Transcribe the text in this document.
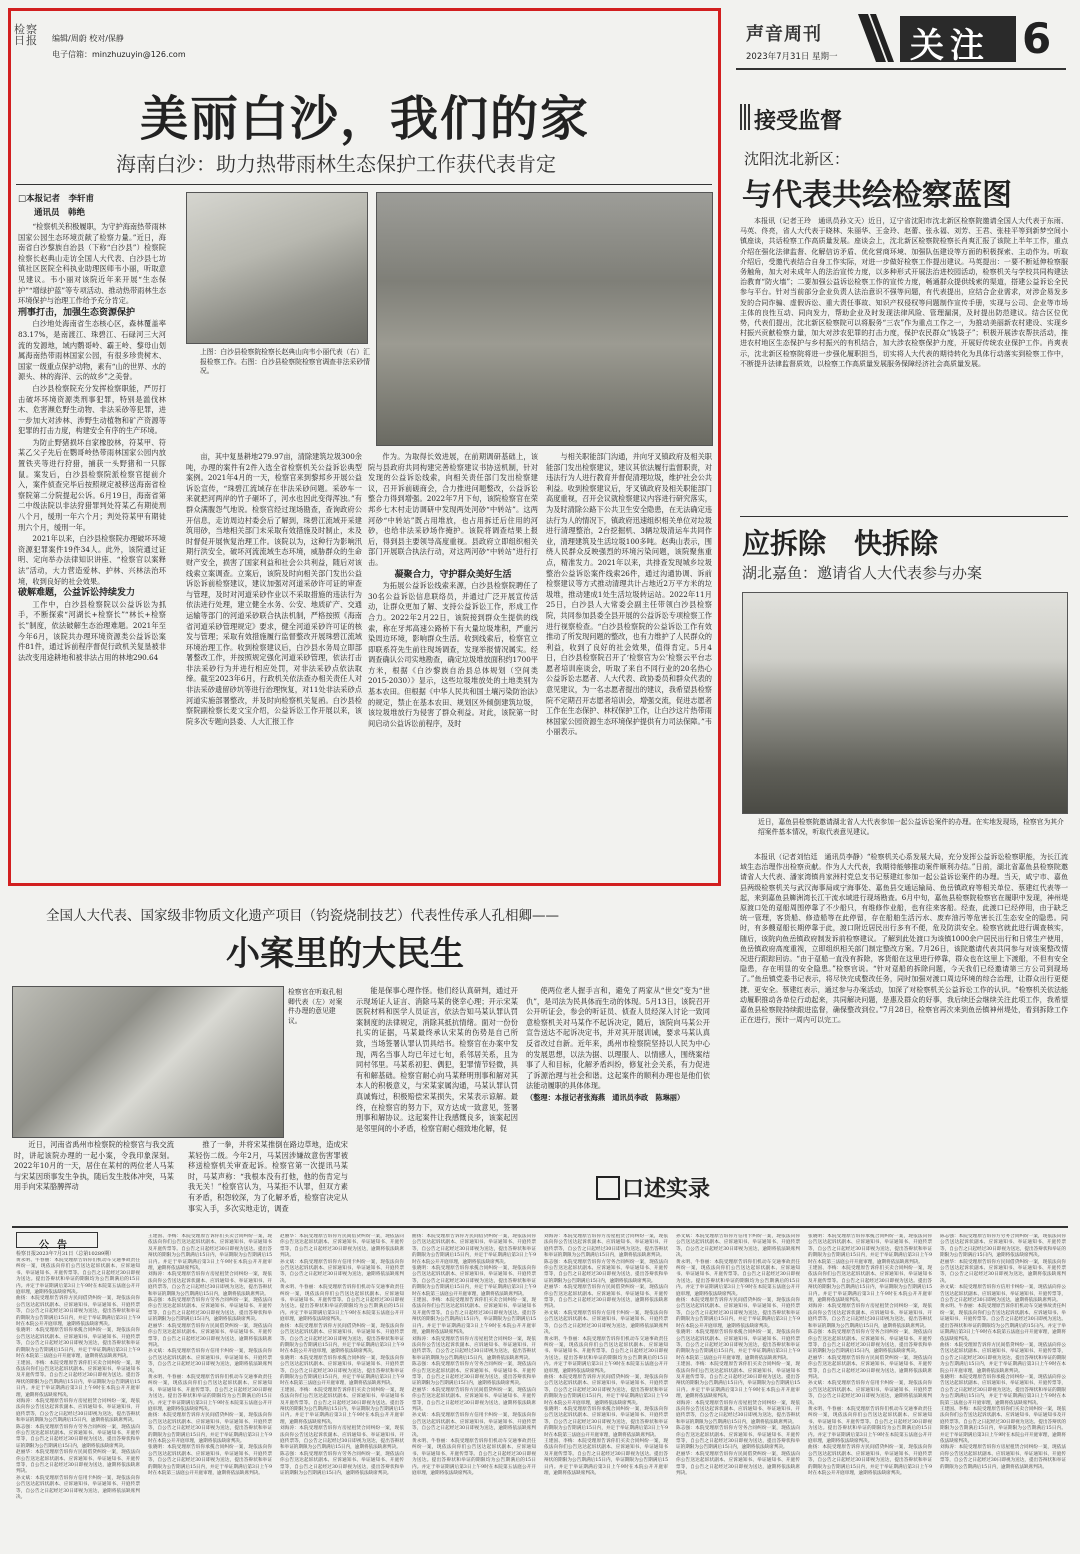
检察日报 编辑/周蔚 校对/保静
电子信箱：minzhuzuyin@126.com
声音周刊
2023年7月31日 星期一 关注 6
美丽白沙，我们的家
海南白沙：助力热带雨林生态保护工作获代表肯定
□本报记者　李轩甫
通讯员　韩绝

“检察机关积极履职，为守护海南热带雨林国家公园生态环境贡献了检察力量。”近日，海南省白沙黎族自治县（下称“白沙县”）检察院检察长赵典山走访全国人大代表、白沙县七坊镇社区医院全科执业助理医师韦小丽，听取意见建议。韦小丽对该院近年来开展“生态保护”“增绿护蓝”等专项活动、推动热带雨林生态环境保护与治理工作给予充分肯定。

刑事打击，加强生态资源保护

白沙地处海南省生态核心区，森林覆盖率83.17%，是南渡江、珠碧江、石碌河三大河流的发源地，域内鹦哥岭、霸王岭、黎母山划属海南热带雨林国家公园，有很多珍贵树木、国家一级重点保护动物，素有“山的世界、水的源头、林的海洋、云的故乡”之美誉。

白沙县检察院充分发挥检察职能，严厉打击破坏环境资源类刑事犯罪，特别是滥伐林木、危害濒危野生动物、非法采砂等犯罪，进一步加大对涉林、涉野生动植物和矿产资源等犯罪的打击力度，构建安全有序的生产环境。

为防止野猪损坏自家橡胶林，符某甲、符某乙父子先后在鹦哥岭热带雨林国家公园内放置铁夹等进行狩猎，捕获一头野猪和一只豚鼠。案发后，白沙县检察院派检察官提前介入，案件侦查完毕后按照规定被移送海南省检察院第二分院提起公诉。6月19日，海南省第二中级法院以非法狩猎罪判处符某乙有期徒刑八个月，缓刑一年六个月；判处符某甲有期徒刑六个月，缓刑一年。

2021年以来，白沙县检察院办理破坏环境资源犯罪案件19件34人。此外，该院通过证明、定向举办法律知识讲座、“检察官以案释法”活动，大力营造爱林、护林、兴林法治环境，收到良好的社会效果。

破解难题，公益诉讼持续发力

工作中，白沙县检察院以公益诉讼为抓手，不断探索“河湖长+检察长”“林长+检察长”制度，依法破解生态治理难题。2021年至今年6月，该院共办理环境资源类公益诉讼案件81件，通过诉前程序督促行政机关复垦被非法改变用途耕地和被非法占用的林地290.64

上图：白沙县检察院检察长赵典山向韦小丽代表（右）汇报检察工作。右图：白沙县检察院检察官调查非法采砂情况。

亩，其中复垦耕地279.97亩，清除建筑垃圾300余吨，办理的案件有2件入选全省检察机关公益诉讼典型案例。2021年4月的一天，检察官来到黎邦乡开展公益诉讼宣传，“珠碧江流域存在非法采砂问题。采砂车一来就把河两岸的竹子砸坏了，河水也因此变得浑浊。”有群众满腹怨气地说。检察官经过现场勘查，查询政府公开信息，走访周边村委会后了解到，珠碧江流域开采建筑用砂，当地相关部门未采取有效措施及时制止，未及时督促开展恢复治理工作。该院以为，这种行为影响汛期行洪安全，破坏河流流域生态环境，威胁群众的生命财产安全，损害了国家利益和社会公共利益，随后对该线索立案调查。立案后，该院及时向相关部门发出公益诉讼诉前检察建议，建议加强对河道采砂许可证的审查与管理，及时对河道采砂作业以不采取措施的违法行为依法进行处理，建立健全水务、公安、地质矿产、交通运输等部门的河道采砂联合执法机制，严格按照《海南省河道采砂管理规定》要求，健全河道采砂许可证的核发与管理；采取有效措施履行监督整改开展珠碧江流域环境治理工作。收到检察建议后，白沙县水务局立即部署整改工作，并按照规定强化河道采砂管理，依法打击非法采砂行为并进行相应处罚，对非法采砂点依法取缔。截至2023年6月，行政机关依法查办相关责任人对非法采砂遗留砂坑等进行治理恢复，对11处非法采砂点河道实施部署整改，并及时向检察机关复函。白沙县检察院副检察长麦文宝介绍，公益诉讼工作开展以来，该院多次专题向县委、人大汇报工作

作为。为取得长效进展，在前期调研基础上，该院与县政府共同构建完善检察建议书协送机制，针对发现的公益诉讼线索，向相关责任部门发出检察建议，召开诉前磋商会，合力推进问题整改，公益诉讼整合力得到增强。2022年7月下旬，该院检察官在荣邦乡七木村走访调研中发现两处河砂“中转站”。这两河砂“中转站”既占用堆放，也占用拆迁后住用的河砂，也给非法采砂场作掩护。该院将调查结果上报后，得到县主要领导高度重视。县政府立即组织相关部门开展联合执法行动，对这两河砂“中转站”进行打击。

凝聚合力，守护群众美好生活

为拓展公益诉讼线索来源，白沙县检察院聘任了30名公益诉讼信息联络员，并通过广泛开展宣传活动，让群众更加了解、支持公益诉讼工作，形成工作合力。2022年2月22日，该院接到群众生提供的线索，称在牙邦高速公路桥下有大量垃圾堆积，严重污染周边环境，影响群众生活。收到线索后，检察官立即联系符先生前往现场调查，发现举报情况属实。经调查确认公司实地勘查，确定垃圾堆放面积约1700平方米，根据《白沙黎族自治县总体规划（空间类2015-2030）》显示，这些垃圾堆放处的土地类别为基本农田。但根据《中华人民共和国土壤污染防治法》的规定，禁止在基本农田、规划区外倾倒建筑垃圾，该垃圾堆放行为侵害了群众利益。对此，该院第一时间启动公益诉讼前程序，及时

与相关职能部门沟通，并向牙叉镇政府及相关职能部门发出检察建议，建议其依法履行监督职责，对违法行为人进行教育并督促清理垃圾，维护社会公共利益。收到检察建议后，牙叉镇政府及相关职能部门高度重视，召开会议就检察建议内容进行研究落实，为及时清除公路下公共卫生安全隐患，在无法确定违法行为人的情况下，镇政府迅速组织相关单位对垃圾进行清理整治，2台挖掘机、3辆垃圾清运车共同作业，清理建筑及生活垃圾100多吨。赵典山表示，围绕人民群众反映强烈的环境污染问题，该院聚焦重点，精准发力。2021年以来，共排查发现城乡垃圾整治公益诉讼案件线索26件，通过沟通协调、诉前检察建议等方式推动清理共计占地近2万平方米的垃圾堆，推动建成1处生活垃圾转运站。2022年11月25日，白沙县人大常委会副主任带领白沙县检察院，共同参加县委全县开展的公益诉讼专项检察工作进行视察检查。“白沙县检察院的公益诉讼工作有效推动了所发现问题的整改，也有力维护了人民群众的利益，收到了良好的社会效果，值得肯定。5月4日，白沙县检察院召开了‘检察官为公’检察云平台志愿者培训座谈会，听取了来自不同行业的20名热心公益诉讼志愿者、人大代表、政协委员和群众代表的意见建议，为一名志愿者提出的建议，我希望县检察院不定期召开志愿者培训会，增强交流，促进志愿者工作在生态保护、林权保护工作，让白沙这片热带雨林国家公园资源生态环境保护提供有力司法保障。”韦小丽表示。

接受监督
沈阳沈北新区：
与代表共绘检察蓝图

本报讯（记者王玲　通讯员孙文天）近日，辽宁省沈阳市沈北新区检察院邀请全国人大代表于东雨、马英、佟亮，省人大代表于晓林、朱丽华、王金玲、赵蕾、张永福、刘芳、王君、张桂平等到新梦空间小镇座谈，共话检察工作高质量发展。座谈会上，沈北新区检察院检察长肖爽汇报了该院上半年工作，重点介绍在强化法律监督、化解信访矛盾、优化营商环境、加强队伍建设等方面的积极探索、主动作为。听取介绍后，受邀代表结合自身工作实际，对进一步做好检察工作提出建议。马英提出：一要不断延伸检察服务触角，加大对未成年人的法治宣传力度，以多种形式开展法治进校园活动，检察机关与学校共同构建法治教育“防火墙”；二要加强公益诉讼检察工作的宣传力度，畅通群众提供线索的渠道，搭建公益诉讼全民参与平台。针对当前部分企业负责人法治意识不强等问题，有代表提出，应结合企业需求，对涉企易发多发的合同诈骗、虚假诉讼、重大责任事故、知识产权侵权等问题制作宣传手册，实现与公司、企业等市场主体的良性互动、同向发力，帮助企业及时发现法律风险、管理漏洞，及时提出防范建议。结合区位优势，代表们提出，沈北新区检察院可以将服务“三农”作为重点工作之一，为推动美丽新农村建设、实现乡村振兴贡献检察力量，加大对涉农犯罪的打击力度，保护农民群众“钱袋子”；积极开展涉农帮扶活动，推进农村地区生态保护与乡村振兴的有机结合，加大涉农检察保护力度，开展好传统农业保护工作。肖爽表示，沈北新区检察院将进一步强化履职担当，切实将人大代表的期待转化为具体行动落实到检察工作中，不断提升法律监督质效，以检察工作高质量发展服务保障经济社会高质量发展。

应拆除　快拆除
湖北嘉鱼：邀请省人大代表参与办案
近日，嘉鱼县检察院邀请湖北省人大代表参加一起公益诉讼案件的办理。在实地发现场，检察官为其介绍案件基本情况，听取代表意见建议。

本报讯（记者刘怡廷　通讯员李静）“检察机关心系发展大局，充分发挥公益诉讼检察职能，为长江流域生态治理作出检察贡献。作为人大代表，我期待能够推动案件顺利办结。”日前，湖北省嘉鱼县检察院邀请省人大代表、潘家湾镇肖家洲村党总支书记蔡建红参加一起公益诉讼案件的办理。当天，咸宁市、嘉鱼县两级检察机关与武汉海事局咸宁海事处、嘉鱼县交通运输局、鱼岳镇政府等相关单位、蔡建红代表等一起，来到嘉鱼县簰洲湾长江干流水域进行现场勘查。6月中旬，嘉鱼县检察院检察官在履职中发现，神州堤原渡口处的趸船周围停靠了不少船只，有维修作业船，也有往来客船。经查，此渡口已经停用，由于缺乏统一管理，客货船、修造船等在此停留，存在船舶生活污水、废弃油污等危害长江生态安全的隐患。同时，有多艘趸船长期停靠于此，渡口附近居民出行多有不便，危及防洪安全。检察官就此进行调查核实，随后，该院向鱼岳镇政府制发诉前检察建议。了解到此处渡口为该镇1000余户居民出行和日常生产使用，鱼岳镇政府高度重视，立即组织相关部门制定整改方案。7月26日，该院邀请代表共同参与对该案整改情况进行跟踪回访。“由于趸船一直没有拆除，客货船在这里进行停靠，群众也在这里上下渡船，不但有安全隐患，存在明显的安全隐患。”检察官说。“针对趸船的拆除问题，今天我们已经邀请第三方公司到现场了。”鱼岳镇党委书记表示，将尽快完成整改任务，同时加强对渡口周边环境的综合治理，让群众出行更便捷、更安全。蔡建红表示，通过参与办案活动，加深了对检察机关公益诉讼工作的认识。“检察机关依法能动履职推动各单位行动起来，共同解决问题，是惠及群众的好事，我后续还会继续关注此项工作，我希望嘉鱼县检察院持续跟进监督，确保整改到位。”7月28日，检察官再次来到鱼岳镇神州堤处，看到拆除工作正在进行，预计一周内可以完工。

全国人大代表、国家级非物质文化遗产项目（钧瓷烧制技艺）代表性传承人孔相卿——
小案里的大民生
检察官在听取孔相卿代表（左）对案件办理的意见建议。

近日，河南省禹州市检察院的检察官与我交流时，讲起该院办理的一起小案，令我印象深刻。2022年10月的一天，居住在某村的两位老人马某与宋某因琐事发生争执，随后发生肢体冲突，马某用手向宋某胳膊挥动

推了一拳，并将宋某推倒在路边草地，造成宋某轻伤二级。今年2月，马某因涉嫌故意伤害罪被移送检察机关审查起诉。检察官第一次提讯马某时，马某声称：“我根本没有打他，他的伤肯定与我无关！”检察官认为，马某拒不认罪，但双方素有矛盾，积怨较深，为了化解矛盾，检察官决定从事实入手，多次实地走访，调查

能是保事心理作怪。他们经认真研判，通过开示现场证人证言、消除马某的侥幸心理；开示宋某医院材料和医学人员证言，依法告知马某认罪认罚案制度的法律规定，消除其抵抗情绪。面对一份份扎实的证据，马某最终承认宋某的伤势是自己所致，当场签署认罪认罚具结书。检察官在办案中发现，两名当事人均已年过七旬，系邻居关系，且为同村邻里。马某系初犯、偶犯，犯罪情节轻微，具有和解基础。检察官耐心向马某释明刑事和解对其本人的积极意义，与宋某家属沟通，马某认罪认罚真诚悔过，积极赔偿宋某损失，宋某表示谅解。最终，在检察官的努力下，双方达成一致意见，签署刑事和解协议。这起案件让我感慨良多，该案起因是邻里间的小矛盾，检察官耐心细致地化解，促

使两位老人握手言和，避免了两家从“世交”变为“世仇”，是司法为民具体而生动的体现。5月13日，该院召开公开听证会，参会的听证员、侦查人员经深入讨论一致同意检察机关对马某作不起诉决定，随后，该院向马某公开宣告送达不起诉决定书，并对其开展训诫，要求马某认真反省改过自新。近年来，禹州市检察院坚持以人民为中心的发展思想，以法为据、以理服人、以情感人，围绕案结事了人和目标，化解矛盾纠纷，修复社会关系，有力促进了诉源治理与社会和谐。这起案件的顺利办理也是他们依法能动履职的具体体现。

（整理：本报记者张海燕　通讯员李政　陈琳丽）

口述实录
公告
检察日报2023年7月31日（总第10289期）

黄永明、牛春丽：本院受理原告诉你们机动车交通事故责任纠纷一案，现依法向你们公告送达起诉状副本、应诉通知书、举证通知书、开庭传票等。自公告之日起经过30日即视为送达。提出答辩状和举证的期限均为公告期满后的15日内。并定于举证期满后第3日上午9时在本院第五法庭公开开庭审理，逾期将依法缺席判决。

曲扬：本院受理原告诉你方民间借贷纠纷一案，现依法向你公告送达起诉状副本、应诉通知书、举证通知书、开庭传票等，自公告之日起经过30日即视为送达，提出答辩状和举证的期限为公告期满后15日内，并定于举证期满后第3日上午9时在本院公开开庭审理，逾期将依法缺席判决。

张晓明：本院受理原告诉你承揽合同纠纷一案，现依法向你公告送达起诉状副本、应诉通知书、举证通知书、开庭传票等，自公告之日起经过30日即视为送达，提出答辩状和举证的期限为公告期满后15日内，并定于举证期满后第3日上午9时在本院第三法庭公开开庭审理，逾期将依法缺席判决。

王建国、李梅：本院受理原告诉你们买卖合同纠纷一案，现依法向你们公告送达起诉状副本、应诉通知书、举证通知书及开庭传票等。自公告之日起经过30日即视为送达。提出答辩状的期限为公告期满后15日内，举证期限为公告期满后15日内。并定于举证期满后第3日上午9时在本院公开开庭审理，逾期将依法缺席判决。

刘海涛：本院受理原告诉你方房屋租赁合同纠纷一案，现依法向你公告送达起诉状副本、应诉通知书、举证通知书、开庭传票等，自公告之日起经过30日即视为送达，提出答辩状和举证的期限为公告期满后15日内，逾期将依法缺席判决。

陈志强：本院受理原告诉你方劳务合同纠纷一案，现依法向你公告送达起诉状副本、应诉通知书、举证通知书、开庭传票等，自公告之日起经过30日即视为送达，提出答辩状和举证的期限为公告期满后15日内，逾期将依法缺席判决。

赵丽华：本院受理原告诉你方民间借贷纠纷一案，现依法向你公告送达起诉状副本、应诉通知书、举证通知书、开庭传票等，自公告之日起经过30日即视为送达，逾期将依法缺席判决。

孙文斌：本院受理原告诉你方信用卡纠纷一案，现依法向你公告送达起诉状副本、应诉通知书、举证通知书、开庭传票等，自公告之日起经过30日即视为送达，逾期将依法缺席判决。

王建国、李梅：本院受理原告诉你们买卖合同纠纷一案，现依法向你们公告送达起诉状副本、应诉通知书、举证通知书及开庭传票等。自公告之日起经过30日即视为送达。提出答辩状的期限为公告期满后15日内，举证期限为公告期满后15日内。并定于举证期满后第3日上午9时在本院公开开庭审理，逾期将依法缺席判决。

刘海涛：本院受理原告诉你方房屋租赁合同纠纷一案，现依法向你公告送达起诉状副本、应诉通知书、举证通知书、开庭传票等，自公告之日起经过30日即视为送达，提出答辩状和举证的期限为公告期满后15日内，逾期将依法缺席判决。

陈志强：本院受理原告诉你方劳务合同纠纷一案，现依法向你公告送达起诉状副本、应诉通知书、举证通知书、开庭传票等，自公告之日起经过30日即视为送达，提出答辩状和举证的期限为公告期满后15日内，逾期将依法缺席判决。

赵丽华：本院受理原告诉你方民间借贷纠纷一案，现依法向你公告送达起诉状副本、应诉通知书、举证通知书、开庭传票等，自公告之日起经过30日即视为送达，逾期将依法缺席判决。

孙文斌：本院受理原告诉你方信用卡纠纷一案，现依法向你公告送达起诉状副本、应诉通知书、举证通知书、开庭传票等，自公告之日起经过30日即视为送达，逾期将依法缺席判决。

黄永明、牛春丽：本院受理原告诉你们机动车交通事故责任纠纷一案，现依法向你们公告送达起诉状副本、应诉通知书、举证通知书、开庭传票等。自公告之日起经过30日即视为送达。提出答辩状和举证的期限均为公告期满后的15日内。并定于举证期满后第3日上午9时在本院第五法庭公开开庭审理，逾期将依法缺席判决。

曲扬：本院受理原告诉你方民间借贷纠纷一案，现依法向你公告送达起诉状副本、应诉通知书、举证通知书、开庭传票等，自公告之日起经过30日即视为送达，提出答辩状和举证的期限为公告期满后15日内，并定于举证期满后第3日上午9时在本院公开开庭审理，逾期将依法缺席判决。

张晓明：本院受理原告诉你承揽合同纠纷一案，现依法向你公告送达起诉状副本、应诉通知书、举证通知书、开庭传票等，自公告之日起经过30日即视为送达，提出答辩状和举证的期限为公告期满后15日内，并定于举证期满后第3日上午9时在本院第三法庭公开开庭审理，逾期将依法缺席判决。

赵丽华：本院受理原告诉你方民间借贷纠纷一案，现依法向你公告送达起诉状副本、应诉通知书、举证通知书、开庭传票等，自公告之日起经过30日即视为送达，逾期将依法缺席判决。

孙文斌：本院受理原告诉你方信用卡纠纷一案，现依法向你公告送达起诉状副本、应诉通知书、举证通知书、开庭传票等，自公告之日起经过30日即视为送达，逾期将依法缺席判决。

黄永明、牛春丽：本院受理原告诉你们机动车交通事故责任纠纷一案，现依法向你们公告送达起诉状副本、应诉通知书、举证通知书、开庭传票等。自公告之日起经过30日即视为送达。提出答辩状和举证的期限均为公告期满后的15日内。并定于举证期满后第3日上午9时在本院第五法庭公开开庭审理，逾期将依法缺席判决。

曲扬：本院受理原告诉你方民间借贷纠纷一案，现依法向你公告送达起诉状副本、应诉通知书、举证通知书、开庭传票等，自公告之日起经过30日即视为送达，提出答辩状和举证的期限为公告期满后15日内，并定于举证期满后第3日上午9时在本院公开开庭审理，逾期将依法缺席判决。

张晓明：本院受理原告诉你承揽合同纠纷一案，现依法向你公告送达起诉状副本、应诉通知书、举证通知书、开庭传票等，自公告之日起经过30日即视为送达，提出答辩状和举证的期限为公告期满后15日内，并定于举证期满后第3日上午9时在本院第三法庭公开开庭审理，逾期将依法缺席判决。

王建国、李梅：本院受理原告诉你们买卖合同纠纷一案，现依法向你们公告送达起诉状副本、应诉通知书、举证通知书及开庭传票等。自公告之日起经过30日即视为送达。提出答辩状的期限为公告期满后15日内，举证期限为公告期满后15日内。并定于举证期满后第3日上午9时在本院公开开庭审理，逾期将依法缺席判决。

刘海涛：本院受理原告诉你方房屋租赁合同纠纷一案，现依法向你公告送达起诉状副本、应诉通知书、举证通知书、开庭传票等，自公告之日起经过30日即视为送达，提出答辩状和举证的期限为公告期满后15日内，逾期将依法缺席判决。

陈志强：本院受理原告诉你方劳务合同纠纷一案，现依法向你公告送达起诉状副本、应诉通知书、举证通知书、开庭传票等，自公告之日起经过30日即视为送达，提出答辩状和举证的期限为公告期满后15日内，逾期将依法缺席判决。

曲扬：本院受理原告诉你方民间借贷纠纷一案，现依法向你公告送达起诉状副本、应诉通知书、举证通知书、开庭传票等，自公告之日起经过30日即视为送达，提出答辩状和举证的期限为公告期满后15日内，并定于举证期满后第3日上午9时在本院公开开庭审理，逾期将依法缺席判决。

张晓明：本院受理原告诉你承揽合同纠纷一案，现依法向你公告送达起诉状副本、应诉通知书、举证通知书、开庭传票等，自公告之日起经过30日即视为送达，提出答辩状和举证的期限为公告期满后15日内，并定于举证期满后第3日上午9时在本院第三法庭公开开庭审理，逾期将依法缺席判决。

王建国、李梅：本院受理原告诉你们买卖合同纠纷一案，现依法向你们公告送达起诉状副本、应诉通知书、举证通知书及开庭传票等。自公告之日起经过30日即视为送达。提出答辩状的期限为公告期满后15日内，举证期限为公告期满后15日内。并定于举证期满后第3日上午9时在本院公开开庭审理，逾期将依法缺席判决。

刘海涛：本院受理原告诉你方房屋租赁合同纠纷一案，现依法向你公告送达起诉状副本、应诉通知书、举证通知书、开庭传票等，自公告之日起经过30日即视为送达，提出答辩状和举证的期限为公告期满后15日内，逾期将依法缺席判决。

陈志强：本院受理原告诉你方劳务合同纠纷一案，现依法向你公告送达起诉状副本、应诉通知书、举证通知书、开庭传票等，自公告之日起经过30日即视为送达，提出答辩状和举证的期限为公告期满后15日内，逾期将依法缺席判决。

赵丽华：本院受理原告诉你方民间借贷纠纷一案，现依法向你公告送达起诉状副本、应诉通知书、举证通知书、开庭传票等，自公告之日起经过30日即视为送达，逾期将依法缺席判决。

孙文斌：本院受理原告诉你方信用卡纠纷一案，现依法向你公告送达起诉状副本、应诉通知书、举证通知书、开庭传票等，自公告之日起经过30日即视为送达，逾期将依法缺席判决。

黄永明、牛春丽：本院受理原告诉你们机动车交通事故责任纠纷一案，现依法向你们公告送达起诉状副本、应诉通知书、举证通知书、开庭传票等。自公告之日起经过30日即视为送达。提出答辩状和举证的期限均为公告期满后的15日内。并定于举证期满后第3日上午9时在本院第五法庭公开开庭审理，逾期将依法缺席判决。

刘海涛：本院受理原告诉你方房屋租赁合同纠纷一案，现依法向你公告送达起诉状副本、应诉通知书、举证通知书、开庭传票等，自公告之日起经过30日即视为送达，提出答辩状和举证的期限为公告期满后15日内，逾期将依法缺席判决。

陈志强：本院受理原告诉你方劳务合同纠纷一案，现依法向你公告送达起诉状副本、应诉通知书、举证通知书、开庭传票等，自公告之日起经过30日即视为送达，提出答辩状和举证的期限为公告期满后15日内，逾期将依法缺席判决。

赵丽华：本院受理原告诉你方民间借贷纠纷一案，现依法向你公告送达起诉状副本、应诉通知书、举证通知书、开庭传票等，自公告之日起经过30日即视为送达，逾期将依法缺席判决。

孙文斌：本院受理原告诉你方信用卡纠纷一案，现依法向你公告送达起诉状副本、应诉通知书、举证通知书、开庭传票等，自公告之日起经过30日即视为送达，逾期将依法缺席判决。

黄永明、牛春丽：本院受理原告诉你们机动车交通事故责任纠纷一案，现依法向你们公告送达起诉状副本、应诉通知书、举证通知书、开庭传票等。自公告之日起经过30日即视为送达。提出答辩状和举证的期限均为公告期满后的15日内。并定于举证期满后第3日上午9时在本院第五法庭公开开庭审理，逾期将依法缺席判决。

曲扬：本院受理原告诉你方民间借贷纠纷一案，现依法向你公告送达起诉状副本、应诉通知书、举证通知书、开庭传票等，自公告之日起经过30日即视为送达，提出答辩状和举证的期限为公告期满后15日内，并定于举证期满后第3日上午9时在本院公开开庭审理，逾期将依法缺席判决。

张晓明：本院受理原告诉你承揽合同纠纷一案，现依法向你公告送达起诉状副本、应诉通知书、举证通知书、开庭传票等，自公告之日起经过30日即视为送达，提出答辩状和举证的期限为公告期满后15日内，并定于举证期满后第3日上午9时在本院第三法庭公开开庭审理，逾期将依法缺席判决。

王建国、李梅：本院受理原告诉你们买卖合同纠纷一案，现依法向你们公告送达起诉状副本、应诉通知书、举证通知书及开庭传票等。自公告之日起经过30日即视为送达。提出答辩状的期限为公告期满后15日内，举证期限为公告期满后15日内。并定于举证期满后第3日上午9时在本院公开开庭审理，逾期将依法缺席判决。

孙文斌：本院受理原告诉你方信用卡纠纷一案，现依法向你公告送达起诉状副本、应诉通知书、举证通知书、开庭传票等，自公告之日起经过30日即视为送达，逾期将依法缺席判决。

黄永明、牛春丽：本院受理原告诉你们机动车交通事故责任纠纷一案，现依法向你们公告送达起诉状副本、应诉通知书、举证通知书、开庭传票等。自公告之日起经过30日即视为送达。提出答辩状和举证的期限均为公告期满后的15日内。并定于举证期满后第3日上午9时在本院第五法庭公开开庭审理，逾期将依法缺席判决。

曲扬：本院受理原告诉你方民间借贷纠纷一案，现依法向你公告送达起诉状副本、应诉通知书、举证通知书、开庭传票等，自公告之日起经过30日即视为送达，提出答辩状和举证的期限为公告期满后15日内，并定于举证期满后第3日上午9时在本院公开开庭审理，逾期将依法缺席判决。

张晓明：本院受理原告诉你承揽合同纠纷一案，现依法向你公告送达起诉状副本、应诉通知书、举证通知书、开庭传票等，自公告之日起经过30日即视为送达，提出答辩状和举证的期限为公告期满后15日内，并定于举证期满后第3日上午9时在本院第三法庭公开开庭审理，逾期将依法缺席判决。

王建国、李梅：本院受理原告诉你们买卖合同纠纷一案，现依法向你们公告送达起诉状副本、应诉通知书、举证通知书及开庭传票等。自公告之日起经过30日即视为送达。提出答辩状的期限为公告期满后15日内，举证期限为公告期满后15日内。并定于举证期满后第3日上午9时在本院公开开庭审理，逾期将依法缺席判决。

刘海涛：本院受理原告诉你方房屋租赁合同纠纷一案，现依法向你公告送达起诉状副本、应诉通知书、举证通知书、开庭传票等，自公告之日起经过30日即视为送达，提出答辩状和举证的期限为公告期满后15日内，逾期将依法缺席判决。

陈志强：本院受理原告诉你方劳务合同纠纷一案，现依法向你公告送达起诉状副本、应诉通知书、举证通知书、开庭传票等，自公告之日起经过30日即视为送达，提出答辩状和举证的期限为公告期满后15日内，逾期将依法缺席判决。

赵丽华：本院受理原告诉你方民间借贷纠纷一案，现依法向你公告送达起诉状副本、应诉通知书、举证通知书、开庭传票等，自公告之日起经过30日即视为送达，逾期将依法缺席判决。

张晓明：本院受理原告诉你承揽合同纠纷一案，现依法向你公告送达起诉状副本、应诉通知书、举证通知书、开庭传票等，自公告之日起经过30日即视为送达，提出答辩状和举证的期限为公告期满后15日内，并定于举证期满后第3日上午9时在本院第三法庭公开开庭审理，逾期将依法缺席判决。

王建国、李梅：本院受理原告诉你们买卖合同纠纷一案，现依法向你们公告送达起诉状副本、应诉通知书、举证通知书及开庭传票等。自公告之日起经过30日即视为送达。提出答辩状的期限为公告期满后15日内，举证期限为公告期满后15日内。并定于举证期满后第3日上午9时在本院公开开庭审理，逾期将依法缺席判决。

刘海涛：本院受理原告诉你方房屋租赁合同纠纷一案，现依法向你公告送达起诉状副本、应诉通知书、举证通知书、开庭传票等，自公告之日起经过30日即视为送达，提出答辩状和举证的期限为公告期满后15日内，逾期将依法缺席判决。

陈志强：本院受理原告诉你方劳务合同纠纷一案，现依法向你公告送达起诉状副本、应诉通知书、举证通知书、开庭传票等，自公告之日起经过30日即视为送达，提出答辩状和举证的期限为公告期满后15日内，逾期将依法缺席判决。

赵丽华：本院受理原告诉你方民间借贷纠纷一案，现依法向你公告送达起诉状副本、应诉通知书、举证通知书、开庭传票等，自公告之日起经过30日即视为送达，逾期将依法缺席判决。

孙文斌：本院受理原告诉你方信用卡纠纷一案，现依法向你公告送达起诉状副本、应诉通知书、举证通知书、开庭传票等，自公告之日起经过30日即视为送达，逾期将依法缺席判决。

黄永明、牛春丽：本院受理原告诉你们机动车交通事故责任纠纷一案，现依法向你们公告送达起诉状副本、应诉通知书、举证通知书、开庭传票等。自公告之日起经过30日即视为送达。提出答辩状和举证的期限均为公告期满后的15日内。并定于举证期满后第3日上午9时在本院第五法庭公开开庭审理，逾期将依法缺席判决。

曲扬：本院受理原告诉你方民间借贷纠纷一案，现依法向你公告送达起诉状副本、应诉通知书、举证通知书、开庭传票等，自公告之日起经过30日即视为送达，提出答辩状和举证的期限为公告期满后15日内，并定于举证期满后第3日上午9时在本院公开开庭审理，逾期将依法缺席判决。

陈志强：本院受理原告诉你方劳务合同纠纷一案，现依法向你公告送达起诉状副本、应诉通知书、举证通知书、开庭传票等，自公告之日起经过30日即视为送达，提出答辩状和举证的期限为公告期满后15日内，逾期将依法缺席判决。

赵丽华：本院受理原告诉你方民间借贷纠纷一案，现依法向你公告送达起诉状副本、应诉通知书、举证通知书、开庭传票等，自公告之日起经过30日即视为送达，逾期将依法缺席判决。

孙文斌：本院受理原告诉你方信用卡纠纷一案，现依法向你公告送达起诉状副本、应诉通知书、举证通知书、开庭传票等，自公告之日起经过30日即视为送达，逾期将依法缺席判决。

黄永明、牛春丽：本院受理原告诉你们机动车交通事故责任纠纷一案，现依法向你们公告送达起诉状副本、应诉通知书、举证通知书、开庭传票等。自公告之日起经过30日即视为送达。提出答辩状和举证的期限均为公告期满后的15日内。并定于举证期满后第3日上午9时在本院第五法庭公开开庭审理，逾期将依法缺席判决。

曲扬：本院受理原告诉你方民间借贷纠纷一案，现依法向你公告送达起诉状副本、应诉通知书、举证通知书、开庭传票等，自公告之日起经过30日即视为送达，提出答辩状和举证的期限为公告期满后15日内，并定于举证期满后第3日上午9时在本院公开开庭审理，逾期将依法缺席判决。

张晓明：本院受理原告诉你承揽合同纠纷一案，现依法向你公告送达起诉状副本、应诉通知书、举证通知书、开庭传票等，自公告之日起经过30日即视为送达，提出答辩状和举证的期限为公告期满后15日内，并定于举证期满后第3日上午9时在本院第三法庭公开开庭审理，逾期将依法缺席判决。

王建国、李梅：本院受理原告诉你们买卖合同纠纷一案，现依法向你们公告送达起诉状副本、应诉通知书、举证通知书及开庭传票等。自公告之日起经过30日即视为送达。提出答辩状的期限为公告期满后15日内，举证期限为公告期满后15日内。并定于举证期满后第3日上午9时在本院公开开庭审理，逾期将依法缺席判决。

刘海涛：本院受理原告诉你方房屋租赁合同纠纷一案，现依法向你公告送达起诉状副本、应诉通知书、举证通知书、开庭传票等，自公告之日起经过30日即视为送达，提出答辩状和举证的期限为公告期满后15日内，逾期将依法缺席判决。
